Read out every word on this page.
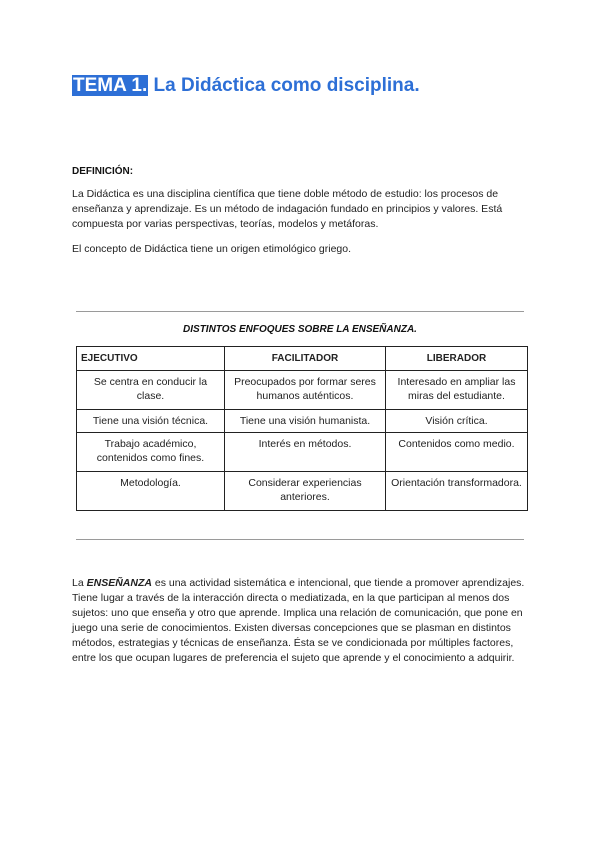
TEMA 1. La Didáctica como disciplina.
DEFINICIÓN:

La Didáctica es una disciplina científica que tiene doble método de estudio: los procesos de enseñanza y aprendizaje. Es un método de indagación fundado en principios y valores. Está compuesta por varias perspectivas, teorías, modelos y metáforas.

El concepto de Didáctica tiene un origen etimológico griego.

DISTINTOS ENFOQUES SOBRE LA ENSEÑANZA.
EJECUTIVO	FACILITADOR	LIBERADOR
Se centra en conducir la clase.	Preocupados por formar seres humanos auténticos.	Interesado en ampliar las miras del estudiante.
Tiene una visión técnica.	Tiene una visión humanista.	Visión crítica.
Trabajo académico, contenidos como fines.	Interés en métodos.	Contenidos como medio.
Metodología.	Considerar experiencias anteriores.	Orientación transformadora.

La ENSEÑANZA es una actividad sistemática e intencional, que tiende a promover aprendizajes. Tiene lugar a través de la interacción directa o mediatizada, en la que participan al menos dos sujetos: uno que enseña y otro que aprende. Implica una relación de comunicación, que pone en juego una serie de conocimientos. Existen diversas concepciones que se plasman en distintos métodos, estrategias y técnicas de enseñanza. Ésta se ve condicionada por múltiples factores, entre los que ocupan lugares de preferencia el sujeto que aprende y el conocimiento a adquirir.
